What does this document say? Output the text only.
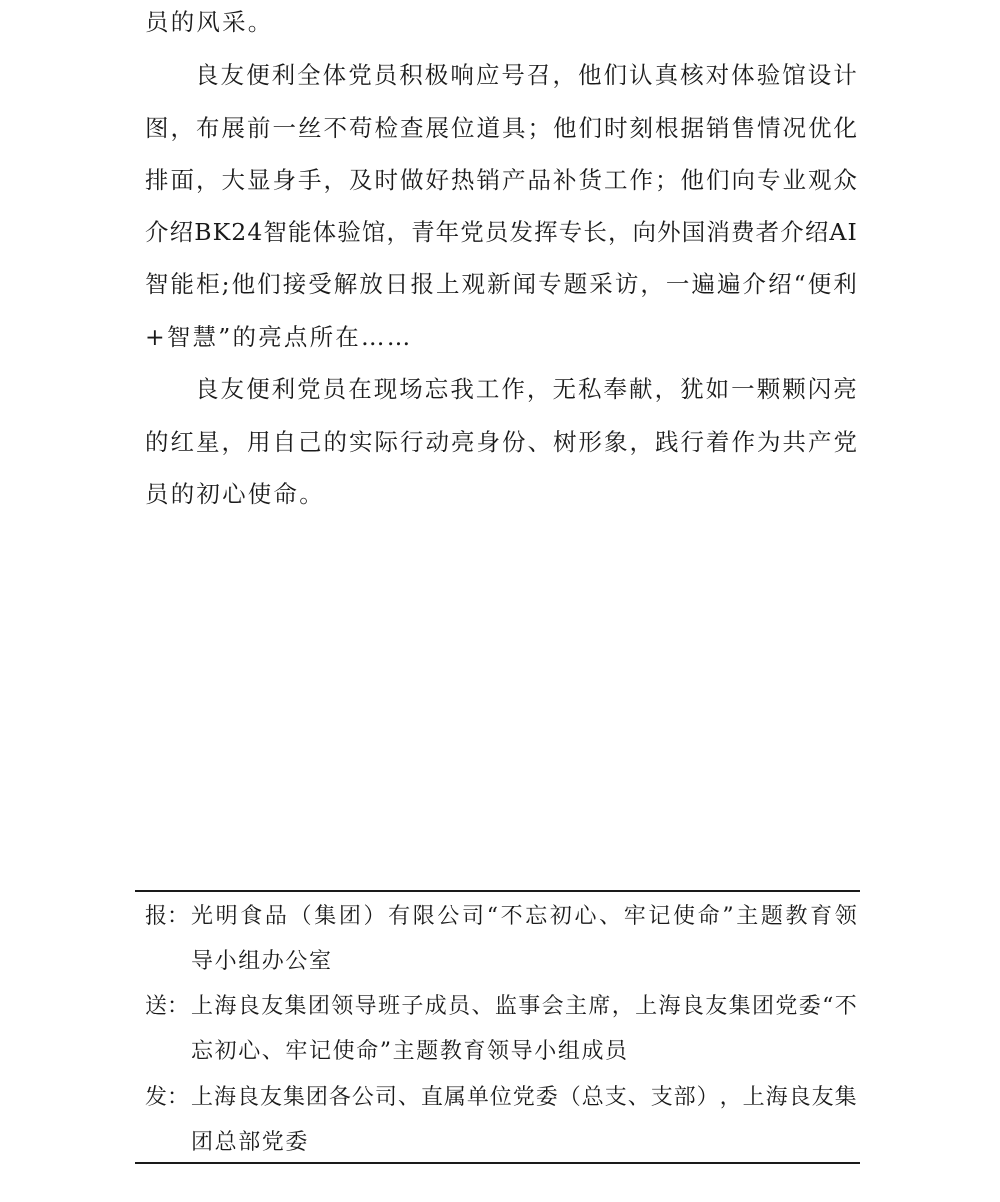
员的风采。
良 友 便 利 全 体 党 员 积 极 响 应 号 召 ， 他 们 认 真 核 对 体 验 馆 设 计
图 ， 布 展 前 一 丝 不 苟 检 查 展 位 道 具 ； 他 们 时 刻 根 据 销 售 情 况 优 化
排 面 ， 大 显 身 手 ， 及 时 做 好 热 销 产 品 补 货 工 作 ； 他 们 向 专 业 观 众
介 绍 B K 2 4 智 能 体 验 馆 ， 青 年 党 员 发 挥 专 长 ， 向 外 国 消 费 者 介 绍 A I
智 能 柜 ; 他 们 接 受 解 放 日 报 上 观 新 闻 专 题 采 访 ， 一 遍 遍 介 绍 “ 便 利
+智慧”的亮点所在……
良 友 便 利 党 员 在 现 场 忘 我 工 作 ， 无 私 奉 献 ， 犹 如 一 颗 颗 闪 亮
的 红 星 ， 用 自 己 的 实 际 行 动 亮 身 份 、 树 形 象 ， 践 行 着 作 为 共 产 党
员的初心使命。
报： 光 明 食 品 （ 集 团 ） 有 限 公 司 “ 不 忘 初 心 、 牢 记 使 命 ” 主 题 教 育 领
导小组办公室
送： 上 海 良 友 集 团 领 导 班 子 成 员 、 监 事 会 主 席 ， 上 海 良 友 集 团 党 委 “ 不
忘初心、牢记使命”主题教育领导小组成员
发： 上 海 良 友 集 团 各 公 司 、 直 属 单 位 党 委 （ 总 支 、 支 部 ） ， 上 海 良 友 集
团总部党委
